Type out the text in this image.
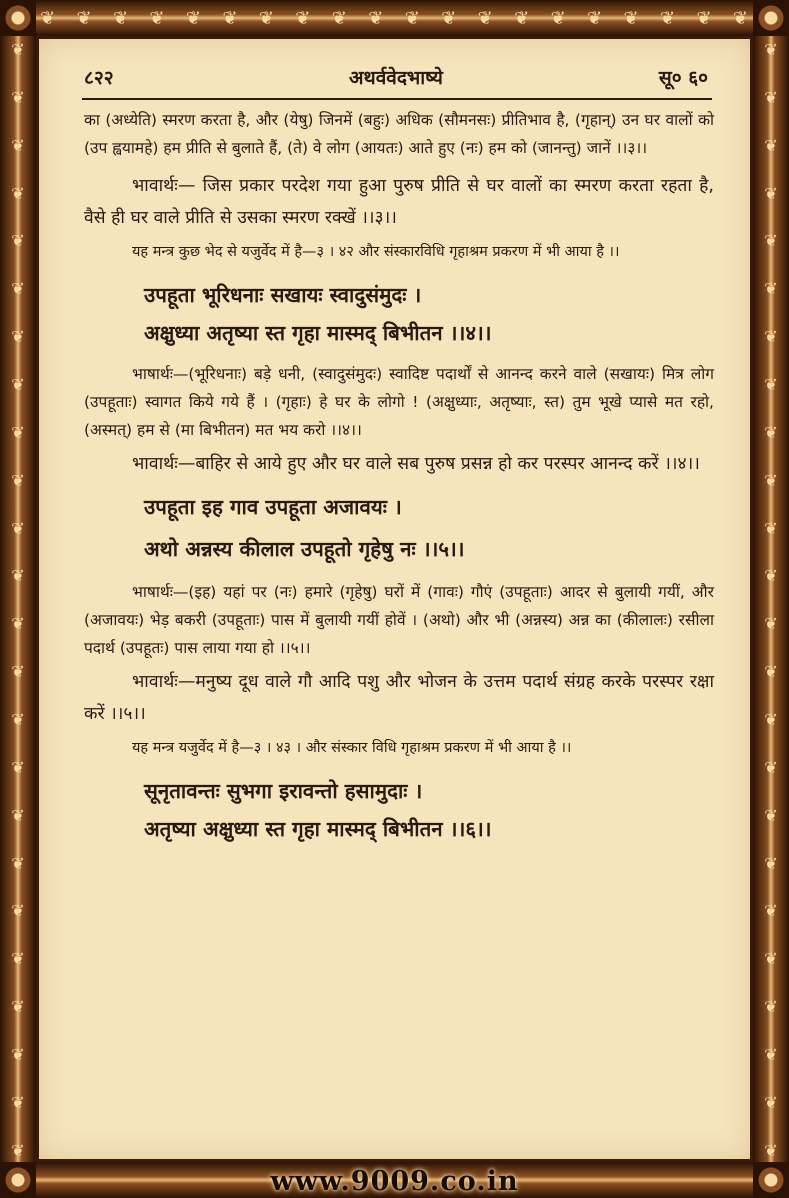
❦ ❦ ❦ ❦ ❦ ❦ ❦ ❦ ❦ ❦ ❦ ❦ ❦ ❦ ❦ ❦ ❦ ❦ ❦ ❦
❦
❦
❦
❦
❦
❦
❦
❦
❦
❦
❦
❦
❦
❦
❦
❦
❦
❦
❦
❦
❦
❦
❦
❦
❦
❦
❦
❦
❦
❦
❦
❦
❦
❦
❦
❦
❦
❦
❦
❦
❦
❦
❦
❦
❦
❦
❦
❦
८२२	अथर्ववेदभाष्ये	सू० ६०

का (अध्येति) स्मरण करता है, और (येषु) जिनमें (बहुः) अधिक (सौमनसः) प्रीतिभाव है, (गृहान्) उन घर वालों को (उप ह्वयामहे) हम प्रीति से बुलाते हैं, (ते) वे लोग (आयतः) आते हुए (नः) हम को (जानन्तु) जानें ।।३।।

भावार्थः— जिस प्रकार परदेश गया हुआ पुरुष प्रीति से घर वालों का स्मरण करता रहता है, वैसे ही घर वाले प्रीति से उसका स्मरण रक्खें ।।३।।

यह मन्त्र कुछ भेद से यजुर्वेद में है—३ । ४२ और संस्कारविधि गृहाश्रम प्रकरण में भी आया है ।।

उपहूता भूरिधनाः सखायः स्वादुसंमुदः ।

अक्षुध्या अतृष्या स्त गृहा मास्मद् बिभीतन ।।४।।

भाषार्थः—(भूरिधनाः) बड़े धनी, (स्वादुसंमुदः) स्वादिष्ट पदार्थों से आनन्द करने वाले (सखायः) मित्र लोग (उपहूताः) स्वागत किये गये हैं । (गृहाः) हे घर के लोगो ! (अक्षुध्याः, अतृष्याः, स्त) तुम भूखे प्यासे मत रहो, (अस्मत्) हम से (मा बिभीतन) मत भय करो ।।४।।

भावार्थः—बाहिर से आये हुए और घर वाले सब पुरुष प्रसन्न हो कर परस्पर आनन्द करें ।।४।।

उपहूता इह गाव उपहूता अजावयः ।

अथो अन्नस्य कीलाल उपहूतो गृहेषु नः ।।५।।

भाषार्थः—(इह) यहां पर (नः) हमारे (गृहेषु) घरों में (गावः) गौएं (उपहूताः) आदर से बुलायी गयीं, और (अजावयः) भेड़ बकरी (उपहूताः) पास में बुलायी गयीं होवें । (अथो) और भी (अन्नस्य) अन्न का (कीलालः) रसीला पदार्थ (उपहूतः) पास लाया गया हो ।।५।।

भावार्थः—मनुष्य दूध वाले गौ आदि पशु और भोजन के उत्तम पदार्थ संग्रह करके परस्पर रक्षा करें ।।५।।

यह मन्त्र यजुर्वेद में है—३ । ४३ । और संस्कार विधि गृहाश्रम प्रकरण में भी आया है ।।

सूनृतावन्तः सुभगा इरावन्तो हसामुदाः ।

अतृष्या अक्षुध्या स्त गृहा मास्मद् बिभीतन ।।६।।

www.9009.co.in
